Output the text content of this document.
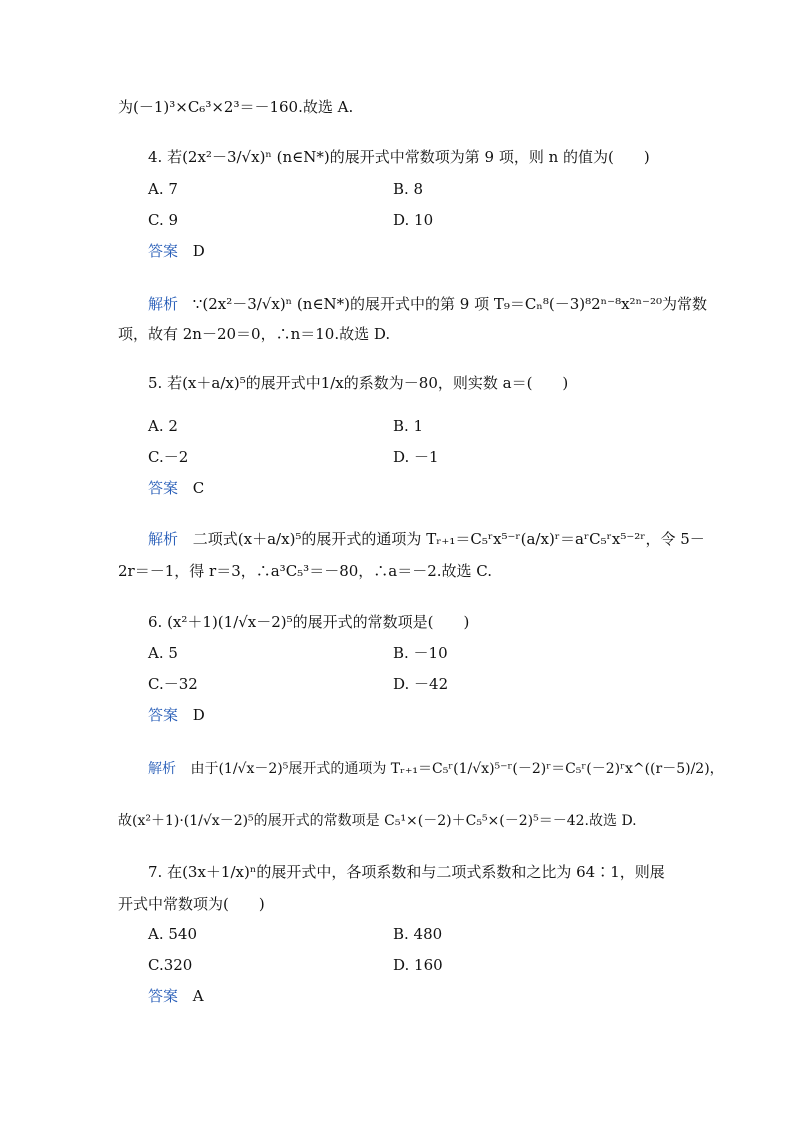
为(－1)³×C₆³×2³＝－160.故选 A.
4. 若(2x²－3/√x)ⁿ (n∈N*)的展开式中常数项为第 9 项，则 n 的值为(　　)
A. 7	B. 8
C. 9	D. 10
答案 D
解析 ∵(2x²－3/√x)ⁿ (n∈N*)的展开式中的第 9 项 T₉＝Cₙ⁸(－3)⁸2ⁿ⁻⁸x²ⁿ⁻²⁰为常数
项，故有 2n－20＝0，∴n＝10.故选 D.
5. 若(x＋a/x)⁵的展开式中1/x的系数为－80，则实数 a＝(　　)
A. 2	B. 1
C.－2	D. －1
答案 C
解析 二项式(x＋a/x)⁵的展开式的通项为 Tᵣ₊₁＝C₅ʳx⁵⁻ʳ(a/x)ʳ＝aʳC₅ʳx⁵⁻²ʳ，令 5－
2r＝－1，得 r＝3，∴a³C₅³＝－80，∴a＝－2.故选 C.
6. (x²＋1)(1/√x－2)⁵的展开式的常数项是(　　)
A. 5	B. －10
C.－32	D. －42
答案 D
解析 由于(1/√x－2)⁵展开式的通项为 Tᵣ₊₁＝C₅ʳ(1/√x)⁵⁻ʳ(－2)ʳ＝C₅ʳ(－2)ʳx^((r－5)/2)，
故(x²＋1)·(1/√x－2)⁵的展开式的常数项是 C₅¹×(－2)＋C₅⁵×(－2)⁵＝－42.故选 D.
7. 在(3x＋1/x)ⁿ的展开式中，各项系数和与二项式系数和之比为 64∶1，则展
开式中常数项为(　　)
A. 540	B. 480
C.320	D. 160
答案 A
